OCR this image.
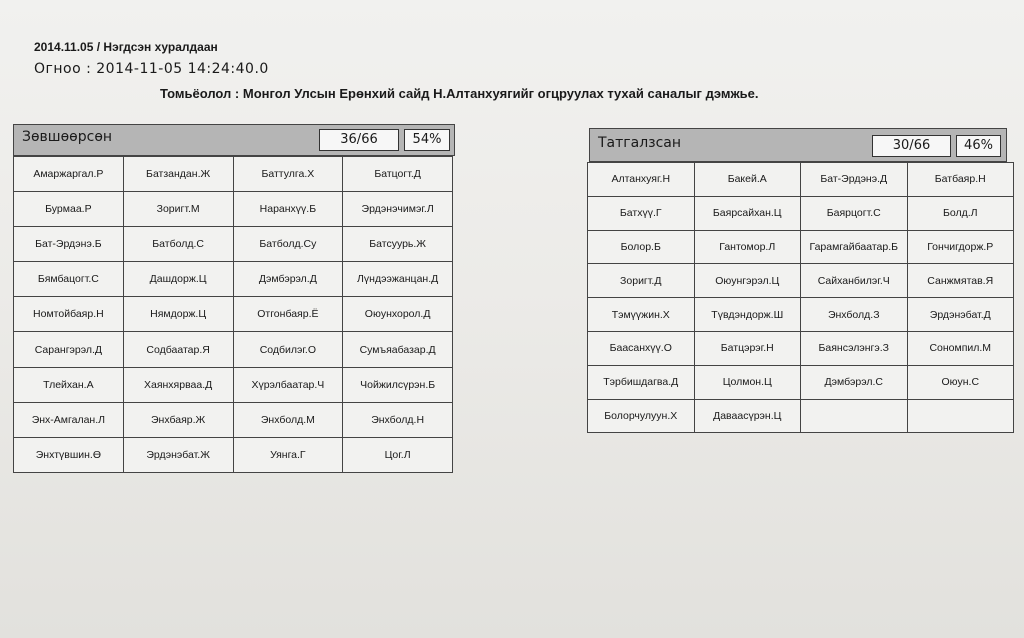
2014.11.05 / Нэгдсэн хуралдаан
Огноо : 2014-11-05 14:24:40.0
Томьёолол : Монгол Улсын Ерөнхий сайд Н.Алтанхуягийг огцруулах тухай саналыг дэмжье.
Зөвшөөрсөн	36/66	54%
Амаржаргал.Р	Батзандан.Ж	Баттулга.Х	Батцогт.Д
Бурмаа.Р	Зоригт.М	Наранхүү.Б	Эрдэнэчимэг.Л
Бат-Эрдэнэ.Б	Батболд.С	Батболд.Су	Батсуурь.Ж
Бямбацогт.С	Дашдорж.Ц	Дэмбэрэл.Д	Лүндээжанцан.Д
Номтойбаяр.Н	Нямдорж.Ц	Отгонбаяр.Ё	Оюунхорол.Д
Сарангэрэл.Д	Содбаатар.Я	Содбилэг.О	Сумъяабазар.Д
Тлейхан.А	Хаянхярваа.Д	Хүрэлбаатар.Ч	Чойжилсүрэн.Б
Энх-Амгалан.Л	Энхбаяр.Ж	Энхболд.М	Энхболд.Н
Энхтүвшин.Ө	Эрдэнэбат.Ж	Уянга.Г	Цог.Л
Татгалзсан	30/66	46%
Алтанхуяг.Н	Бакей.А	Бат-Эрдэнэ.Д	Батбаяр.Н
Батхүү.Г	Баярсайхан.Ц	Баярцогт.С	Болд.Л
Болор.Б	Гантомор.Л	Гарамгайбаатар.Б	Гончигдорж.Р
Зоригт.Д	Оюунгэрэл.Ц	Сайханбилэг.Ч	Санжмятав.Я
Тэмүүжин.Х	Түвдэндорж.Ш	Энхболд.З	Эрдэнэбат.Д
Баасанхүү.О	Батцэрэг.Н	Баянсэлэнгэ.З	Сономпил.М
Тэрбишдагва.Д	Цолмон.Ц	Дэмбэрэл.С	Оюун.С
Болорчулуун.Х	Даваасүрэн.Ц		
